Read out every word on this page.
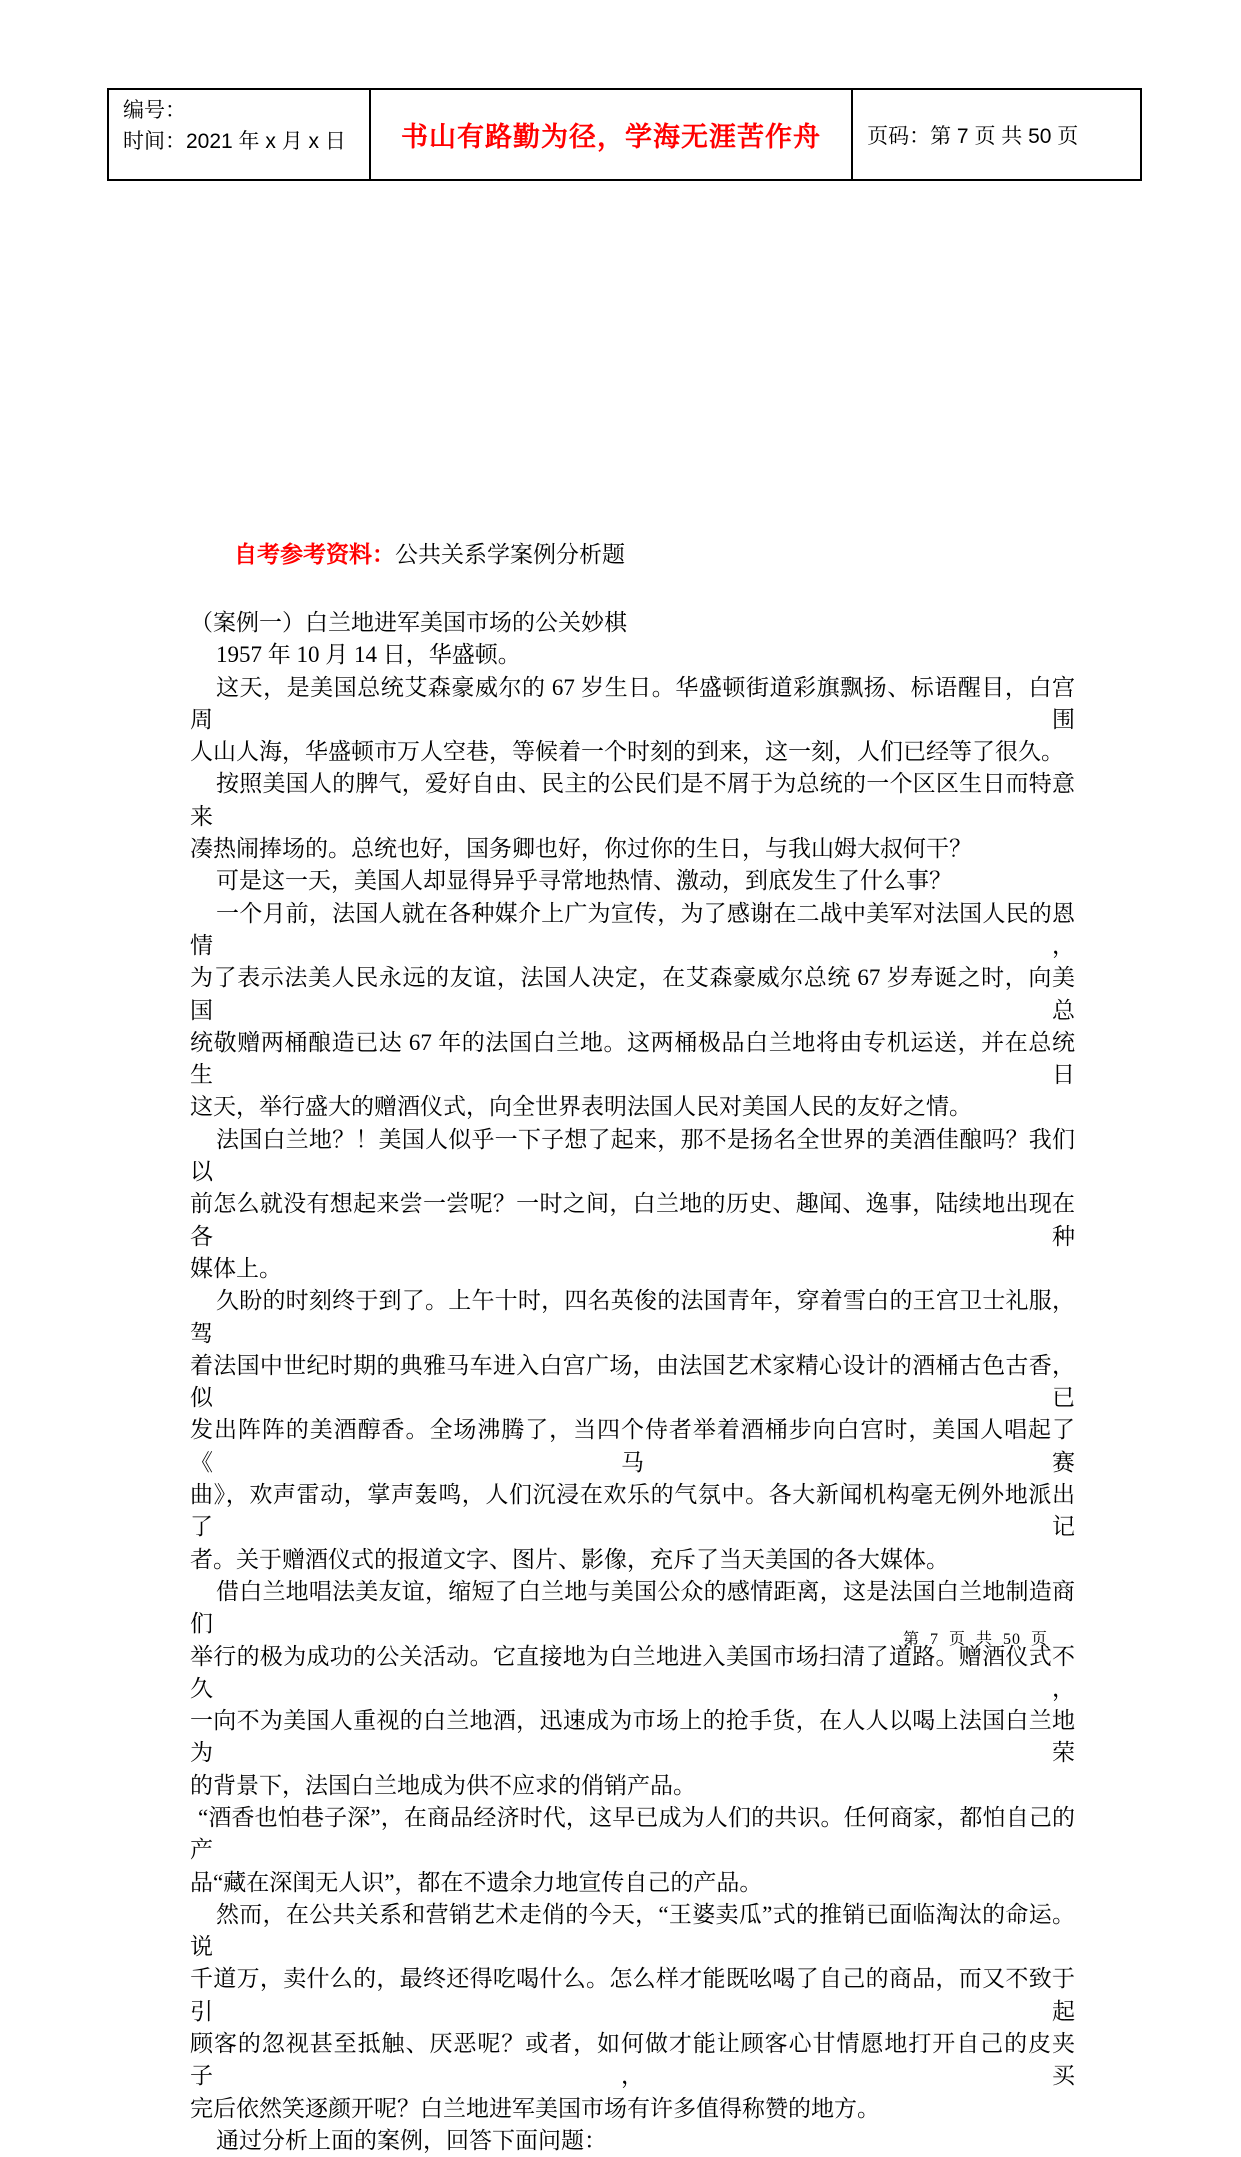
编号：
时间：2021 年 x 月 x 日	书山有路勤为径，学海无涯苦作舟 页码：第 7 页 共 50 页
自考参考资料：公共关系学案例分析题
（案例一）白兰地进军美国市场的公关妙棋
1957 年 10 月 14 日，华盛顿。
这天，是美国总统艾森豪威尔的 67 岁生日。华盛顿街道彩旗飘扬、标语醒目，白宫周围
人山人海，华盛顿市万人空巷，等候着一个时刻的到来，这一刻，人们已经等了很久。
按照美国人的脾气，爱好自由、民主的公民们是不屑于为总统的一个区区生日而特意来
凑热闹捧场的。总统也好，国务卿也好，你过你的生日，与我山姆大叔何干？
可是这一天，美国人却显得异乎寻常地热情、激动，到底发生了什么事？
一个月前，法国人就在各种媒介上广为宣传，为了感谢在二战中美军对法国人民的恩情，
为了表示法美人民永远的友谊，法国人决定，在艾森豪威尔总统 67 岁寿诞之时，向美国总
统敬赠两桶酿造已达 67 年的法国白兰地。这两桶极品白兰地将由专机运送，并在总统生日
这天，举行盛大的赠酒仪式，向全世界表明法国人民对美国人民的友好之情。
法国白兰地？！美国人似乎一下子想了起来，那不是扬名全世界的美酒佳酿吗？我们以
前怎么就没有想起来尝一尝呢？一时之间，白兰地的历史、趣闻、逸事，陆续地出现在各种
媒体上。
久盼的时刻终于到了。上午十时，四名英俊的法国青年，穿着雪白的王宫卫士礼服，驾
着法国中世纪时期的典雅马车进入白宫广场，由法国艺术家精心设计的酒桶古色古香，似已
发出阵阵的美酒醇香。全场沸腾了，当四个侍者举着酒桶步向白宫时，美国人唱起了《马赛
曲》，欢声雷动，掌声轰鸣，人们沉浸在欢乐的气氛中。各大新闻机构毫无例外地派出了记
者。关于赠酒仪式的报道文字、图片、影像，充斥了当天美国的各大媒体。
借白兰地唱法美友谊，缩短了白兰地与美国公众的感情距离，这是法国白兰地制造商们
举行的极为成功的公关活动。它直接地为白兰地进入美国市场扫清了道路。赠酒仪式不久，
一向不为美国人重视的白兰地酒，迅速成为市场上的抢手货，在人人以喝上法国白兰地为荣
的背景下，法国白兰地成为供不应求的俏销产品。
“酒香也怕巷子深”，在商品经济时代，这早已成为人们的共识。任何商家，都怕自己的产
品“藏在深闺无人识”，都在不遗余力地宣传自己的产品。
然而，在公共关系和营销艺术走俏的今天，“王婆卖瓜”式的推销已面临淘汰的命运。说
千道万，卖什么的，最终还得吃喝什么。怎么样才能既吆喝了自己的商品，而又不致于引起
顾客的忽视甚至抵触、厌恶呢？或者，如何做才能让顾客心甘情愿地打开自己的皮夹子，买
完后依然笑逐颜开呢？白兰地进军美国市场有许多值得称赞的地方。
通过分析上面的案例，回答下面问题：
第 7 页 共 50 页
